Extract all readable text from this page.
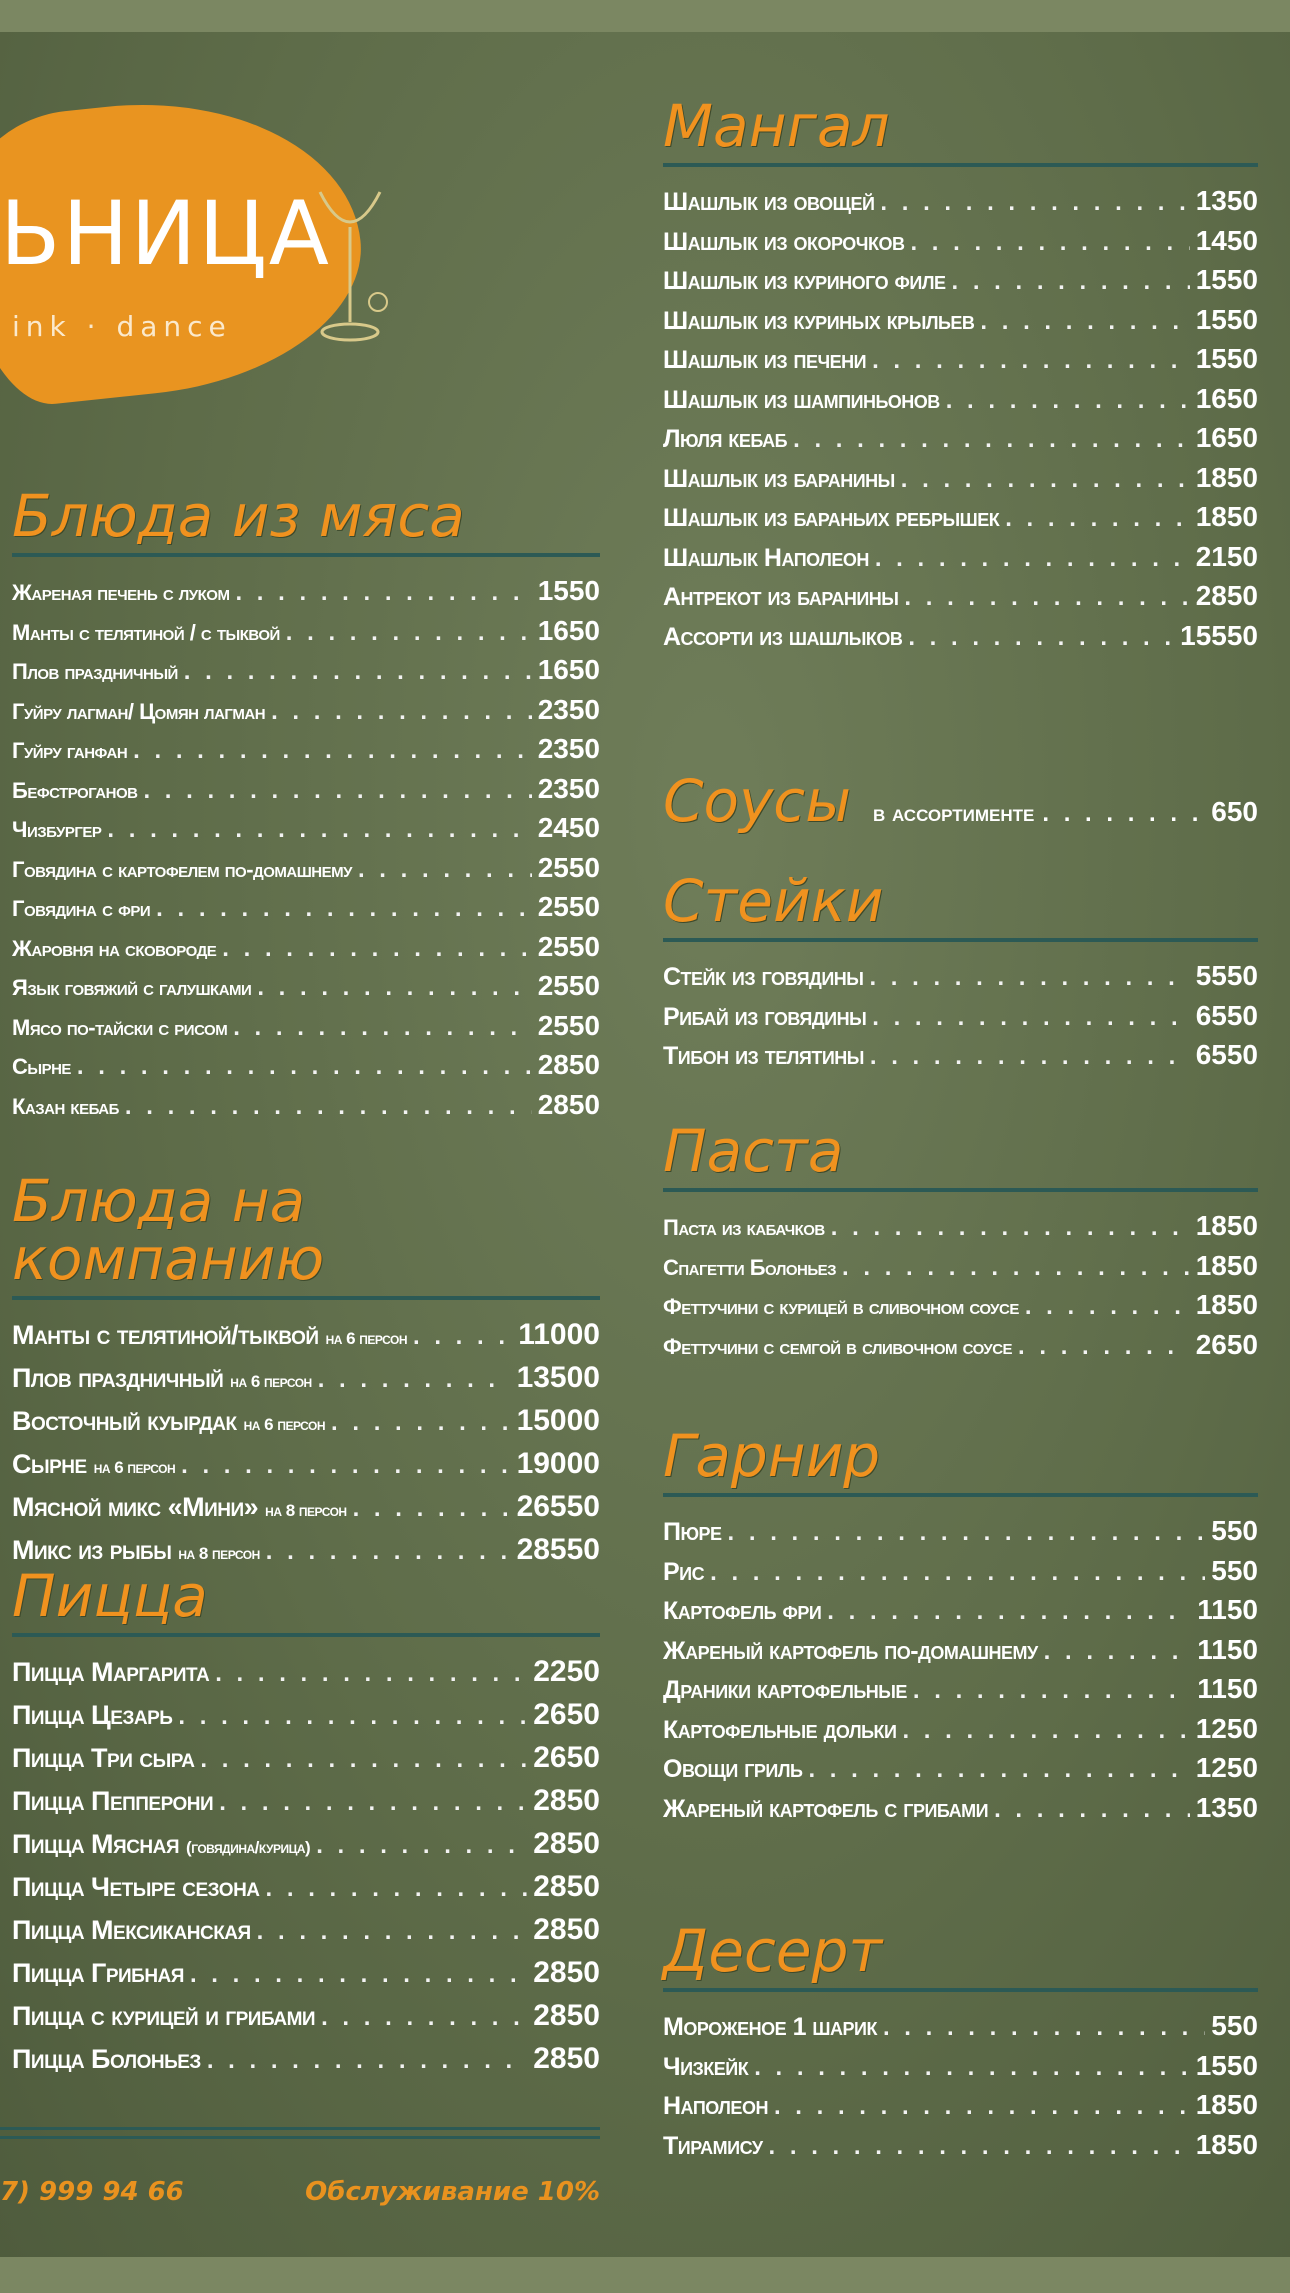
ЬНИЦА
ink · dance
Блюда из мяса
Жареная печень с луком . . .	1550
Манты с телятиной / с тыквой . . .	1650
Плов праздничный . . .	1650
Гуйру лагман/ Цомян лагман . . .	2350
Гуйру ганфан . . .	2350
Бефстроганов . . .	2350
Чизбургер . . .	2450
Говядина с картофелем по-домашнему . . .	2550
Говядина с фри . . .	2550
Жаровня на сковороде . . .	2550
Язык говяжий с галушками . . .	2550
Мясо по-тайски с рисом . . .	2550
Сырне . . .	2850
Казан кебаб . . .	2850
Блюда на компанию
Манты с телятиной/тыквой на 6 персон . . .	11000
Плов праздничный на 6 персон . . .	13500
Восточный куырдак на 6 персон . . .	15000
Сырне на 6 персон . . .	19000
Мясной микс «Мини» на 8 персон . . .	26550
Микс из рыбы на 8 персон . . .	28550
Пицца
Пицца Маргарита . . .	2250
Пицца Цезарь . . .	2650
Пицца Три сыра . . .	2650
Пицца Пепперони . . .	2850
Пицца Мясная (говядина/курица) . . .	2850
Пицца Четыре сезона . . .	2850
Пицца Мексиканская . . .	2850
Пицца Грибная . . .	2850
Пицца с курицей и грибами . . .	2850
Пицца Болоньез . . .	2850
7) 999 94 66	Обслуживание 10%
Мангал
Шашлык из овощей . . .	1350
Шашлык из окорочков . . .	1450
Шашлык из куриного филе . . .	1550
Шашлык из куриных крыльев . . .	1550
Шашлык из печени . . .	1550
Шашлык из шампиньонов . . .	1650
Люля кебаб . . .	1650
Шашлык из баранины . . .	1850
Шашлык из бараньих ребрышек . . .	1850
Шашлык Наполеон . . .	2150
Антрекот из баранины . . .	2850
Ассорти из шашлыков . . .	15550
Соусы в ассортименте . . .	650
Стейки
Стейк из говядины . . .	5550
Рибай из говядины . . .	6550
Тибон из телятины . . .	6550
Паста
Паста из кабачков . . .	1850
Спагетти Болоньез . . .	1850
Феттучини с курицей в сливочном соусе . . .	1850
Феттучини с семгой в сливочном соусе . . .	2650
Гарнир
Пюре . . .	550
Рис . . .	550
Картофель фри . . .	1150
Жареный картофель по-домашнему . . .	1150
Драники картофельные . . .	1150
Картофельные дольки . . .	1250
Овощи гриль . . .	1250
Жареный картофель с грибами . . .	1350
Десерт
Мороженое 1 шарик . . .	550
Чизкейк . . .	1550
Наполеон . . .	1850
Тирамису . . .	1850
